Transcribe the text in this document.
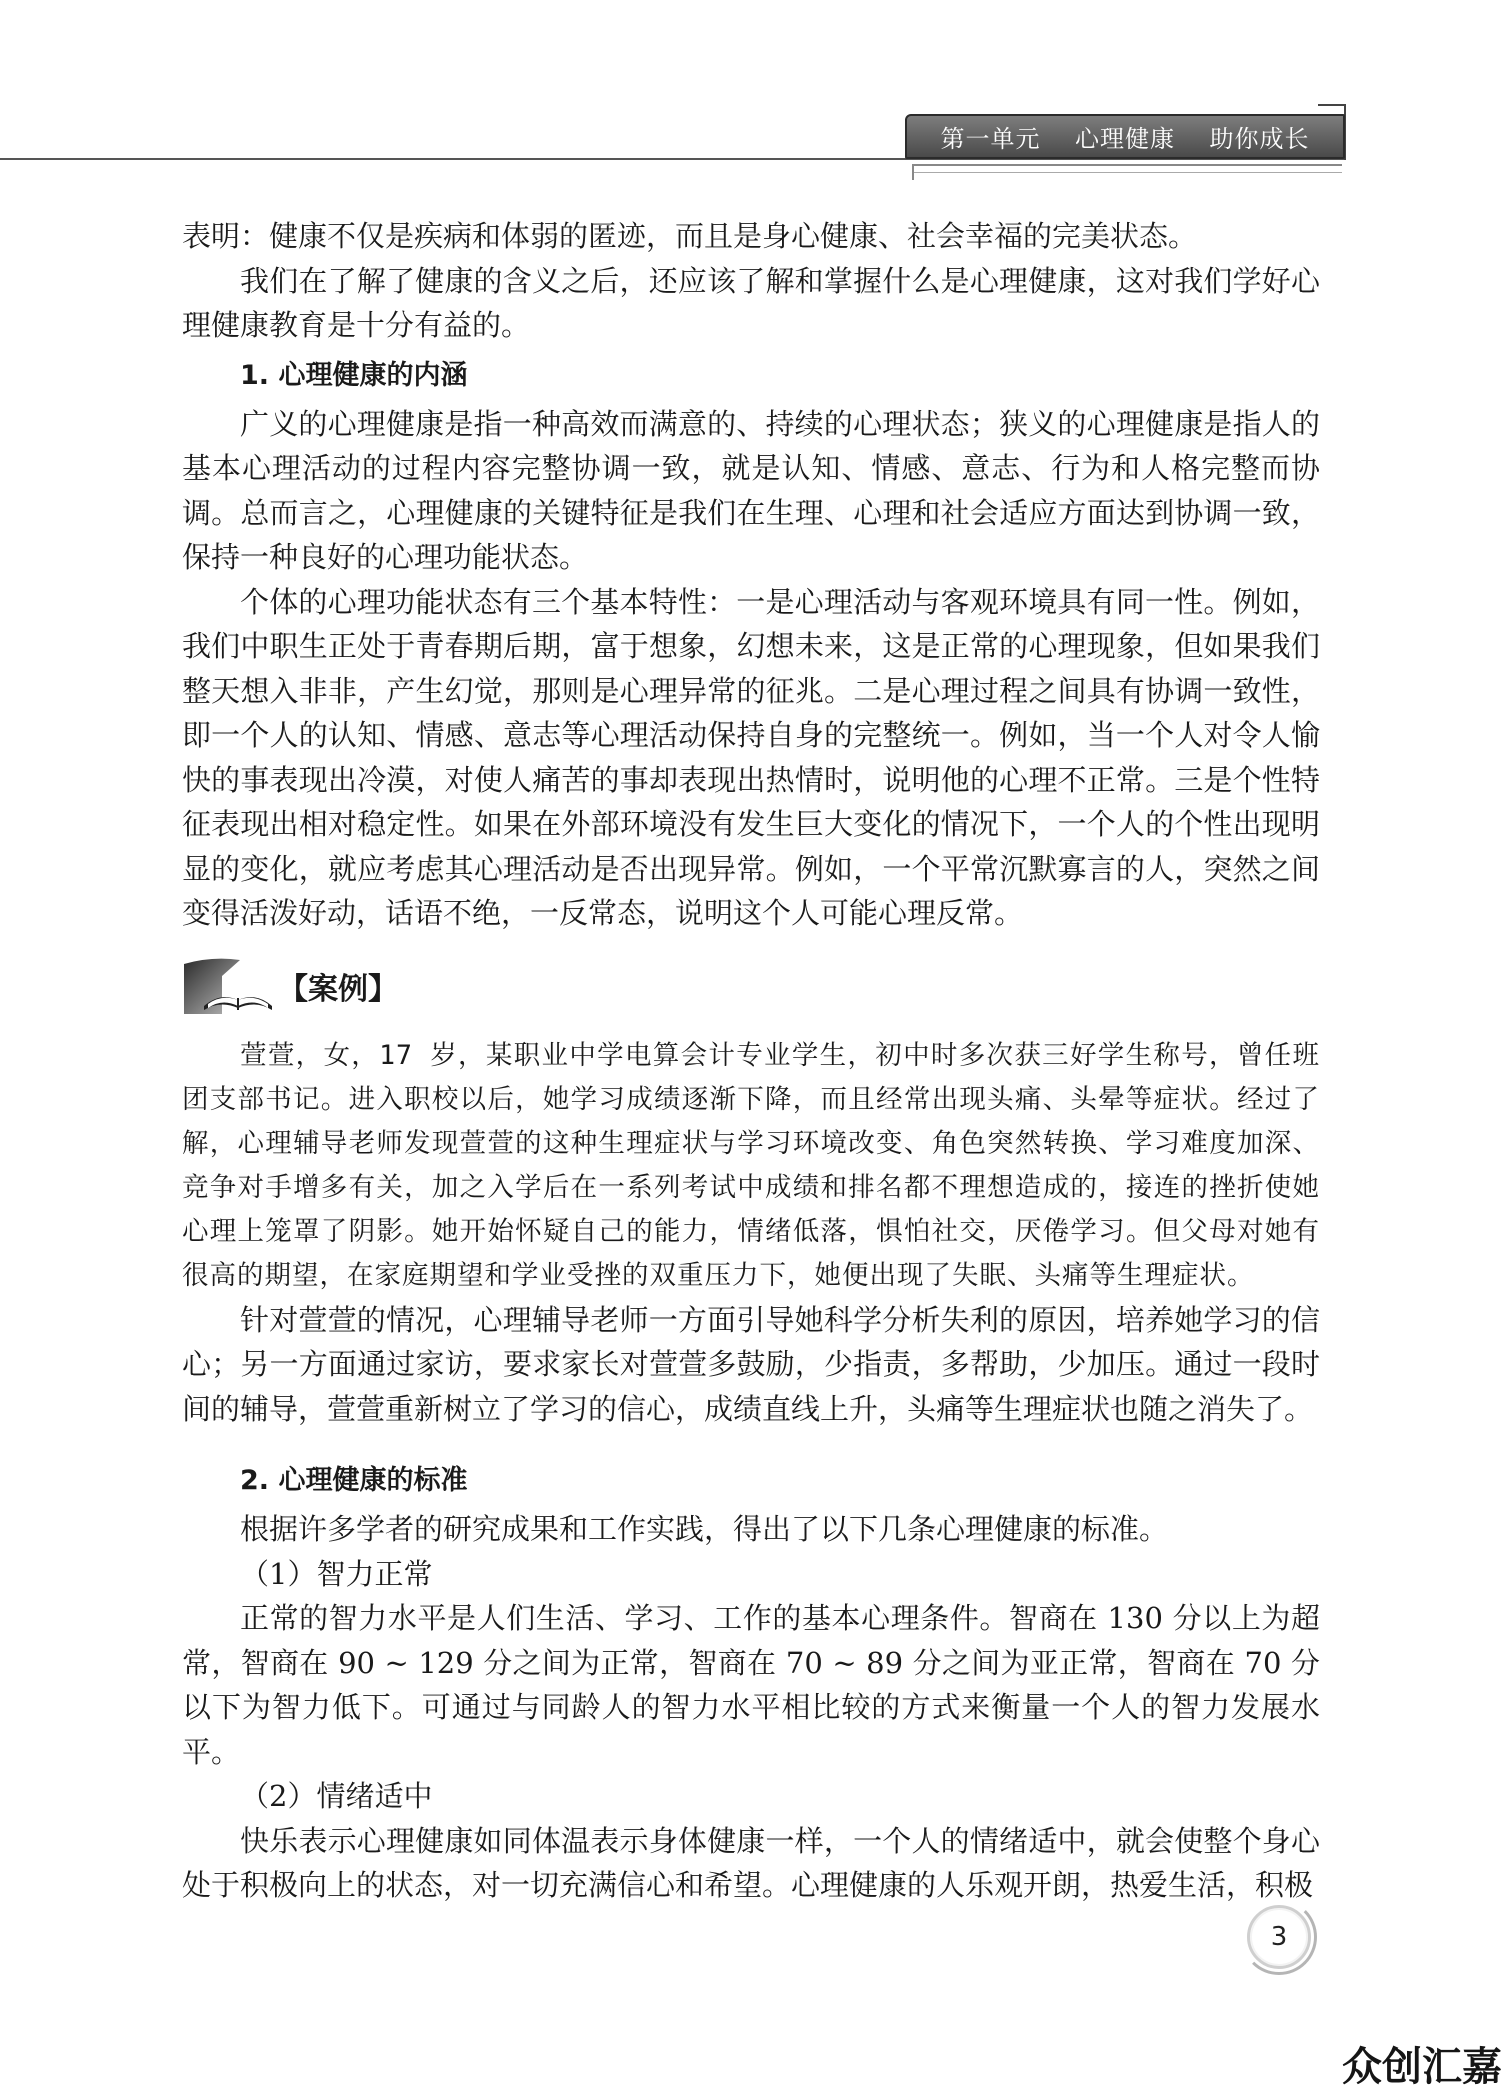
第一单元    心理健康    助你成长

表明：健康不仅是疾病和体弱的匿迹，而且是身心健康、社会幸福的完美状态。

我们在了解了健康的含义之后，还应该了解和掌握什么是心理健康，这对我们学好心理健康教育是十分有益的。

1. 心理健康的内涵

广义的心理健康是指一种高效而满意的、持续的心理状态；狭义的心理健康是指人的基本心理活动的过程内容完整协调一致，就是认知、情感、意志、行为和人格完整而协调。总而言之，心理健康的关键特征是我们在生理、心理和社会适应方面达到协调一致，保持一种良好的心理功能状态。

个体的心理功能状态有三个基本特性：一是心理活动与客观环境具有同一性。例如，我们中职生正处于青春期后期，富于想象，幻想未来，这是正常的心理现象，但如果我们整天想入非非，产生幻觉，那则是心理异常的征兆。二是心理过程之间具有协调一致性，即一个人的认知、情感、意志等心理活动保持自身的完整统一。例如，当一个人对令人愉快的事表现出冷漠，对使人痛苦的事却表现出热情时，说明他的心理不正常。三是个性特征表现出相对稳定性。如果在外部环境没有发生巨大变化的情况下，一个人的个性出现明显的变化，就应考虑其心理活动是否出现异常。例如，一个平常沉默寡言的人，突然之间变得活泼好动，话语不绝，一反常态，说明这个人可能心理反常。

【案例】

萱萱，女，17 岁，某职业中学电算会计专业学生，初中时多次获三好学生称号，曾任班团支部书记。进入职校以后，她学习成绩逐渐下降，而且经常出现头痛、头晕等症状。经过了解，心理辅导老师发现萱萱的这种生理症状与学习环境改变、角色突然转换、学习难度加深、竞争对手增多有关，加之入学后在一系列考试中成绩和排名都不理想造成的，接连的挫折使她心理上笼罩了阴影。她开始怀疑自己的能力，情绪低落，惧怕社交，厌倦学习。但父母对她有很高的期望，在家庭期望和学业受挫的双重压力下，她便出现了失眠、头痛等生理症状。

针对萱萱的情况，心理辅导老师一方面引导她科学分析失利的原因，培养她学习的信心；另一方面通过家访，要求家长对萱萱多鼓励，少指责，多帮助，少加压。通过一段时间的辅导，萱萱重新树立了学习的信心，成绩直线上升，头痛等生理症状也随之消失了。

2. 心理健康的标准

根据许多学者的研究成果和工作实践，得出了以下几条心理健康的标准。

（1）智力正常

正常的智力水平是人们生活、学习、工作的基本心理条件。智商在 130 分以上为超常，智商在 90 ~ 129 分之间为正常，智商在 70 ~ 89 分之间为亚正常，智商在 70 分以下为智力低下。可通过与同龄人的智力水平相比较的方式来衡量一个人的智力发展水平。

（2）情绪适中

快乐表示心理健康如同体温表示身体健康一样，一个人的情绪适中，就会使整个身心处于积极向上的状态，对一切充满信心和希望。心理健康的人乐观开朗，热爱生活，积极

3
众创汇嘉
